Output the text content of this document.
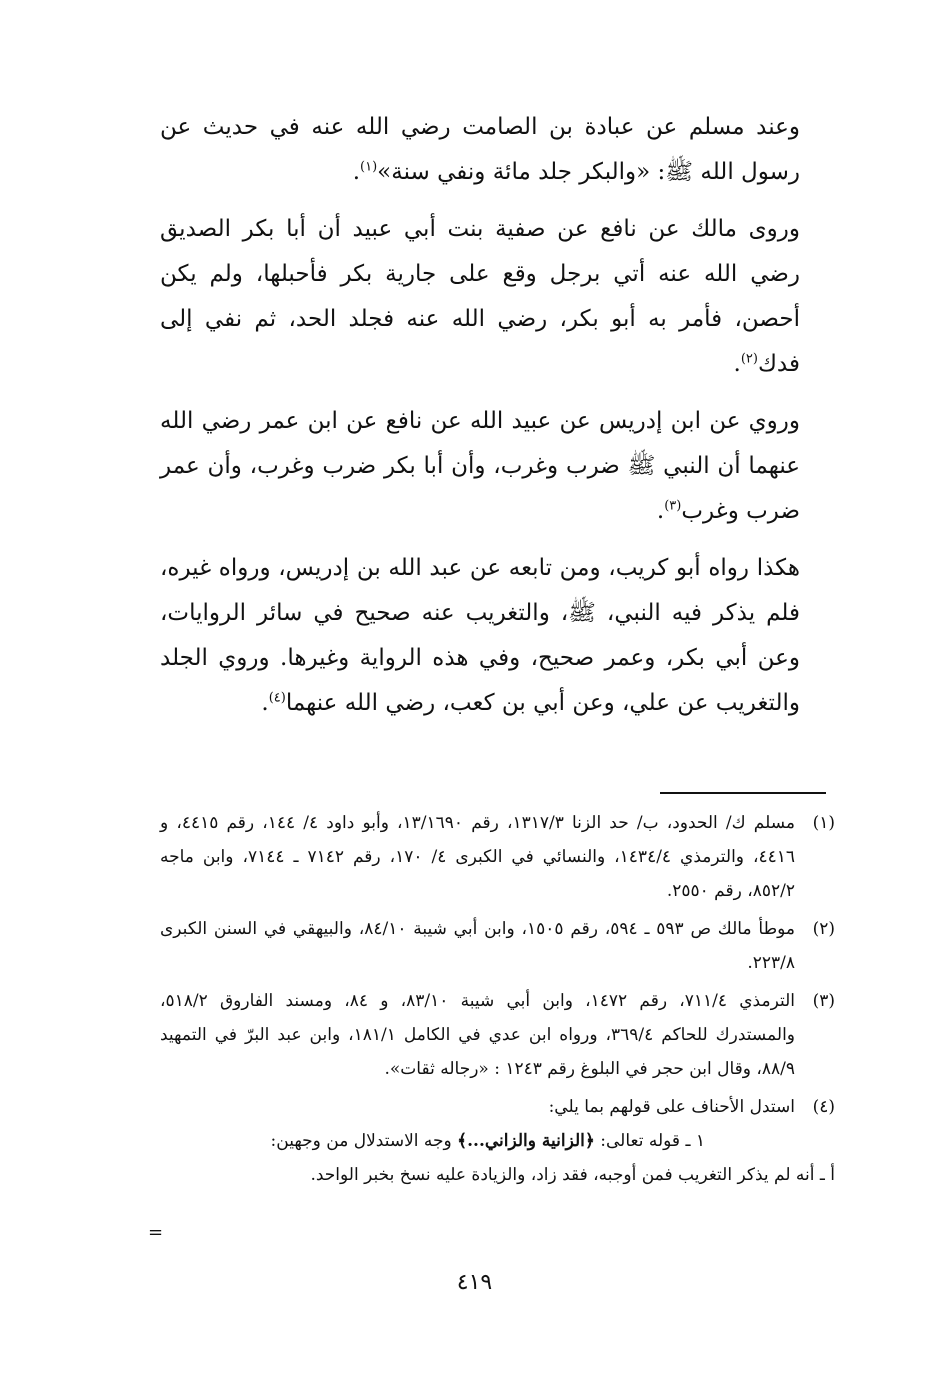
وعند مسلم عن عبادة بن الصامت رضي الله عنه في حديث عن رسول الله ﷺ: «والبكر جلد مائة ونفي سنة»$^{(١)}$.

وروى مالك عن نافع عن صفية بنت أبي عبيد أن أبا بكر الصديق رضي الله عنه أتي برجل وقع على جارية بكر فأحبلها، ولم يكن أحصن، فأمر به أبو بكر، رضي الله عنه فجلد الحد، ثم نفي إلى فدك$^{(٢)}$.

وروي عن ابن إدريس عن عبيد الله عن نافع عن ابن عمر رضي الله عنهما أن النبي ﷺ ضرب وغرب، وأن أبا بكر ضرب وغرب، وأن عمر ضرب وغرب$^{(٣)}$.

هكذا رواه أبو كريب، ومن تابعه عن عبد الله بن إدريس، ورواه غيره، فلم يذكر فيه النبي، ﷺ، والتغريب عنه صحيح في سائر الروايات، وعن أبي بكر، وعمر صحيح، وفي هذه الرواية وغيرها. وروي الجلد والتغريب عن علي، وعن أبي بن كعب، رضي الله عنهما$^{(٤)}$.

(١)
مسلم ك/ الحدود، ب/ حد الزنا ١٣١٧/٣، رقم ١٣/١٦٩٠، وأبو داود ٤/ ١٤٤، رقم ٤٤١٥، و ٤٤١٦، والترمذي ١٤٣٤/٤، والنسائي في الكبرى ٤/ ١٧٠، رقم ٧١٤٢ ـ ٧١٤٤، وابن ماجه ٨٥٢/٢، رقم ٢٥٥٠.
(٢)
موطأ مالك ص ٥٩٣ ـ ٥٩٤، رقم ١٥٠٥، وابن أبي شيبة ٨٤/١٠، والبيهقي في السنن الكبرى ٢٢٣/٨.
(٣)
الترمذي ٧١١/٤، رقم ١٤٧٢، وابن أبي شيبة ٨٣/١٠، و ٨٤، ومسند الفاروق ٥١٨/٢، والمستدرك للحاكم ٣٦٩/٤، ورواه ابن عدي في الكامل ١٨١/١، وابن عبد البرّ في التمهيد ٨٨/٩، وقال ابن حجر في البلوغ رقم ١٢٤٣ : «رجاله ثقات».
(٤)
استدل الأحناف على قولهم بما يلي:
١ ـ قوله تعالى: ﴿الزانية والزاني...﴾ وجه الاستدلال من وجهين:
أ ـ أنه لم يذكر التغريب فمن أوجبه، فقد زاد، والزيادة عليه نسخ بخبر الواحد.
=
٤١٩
